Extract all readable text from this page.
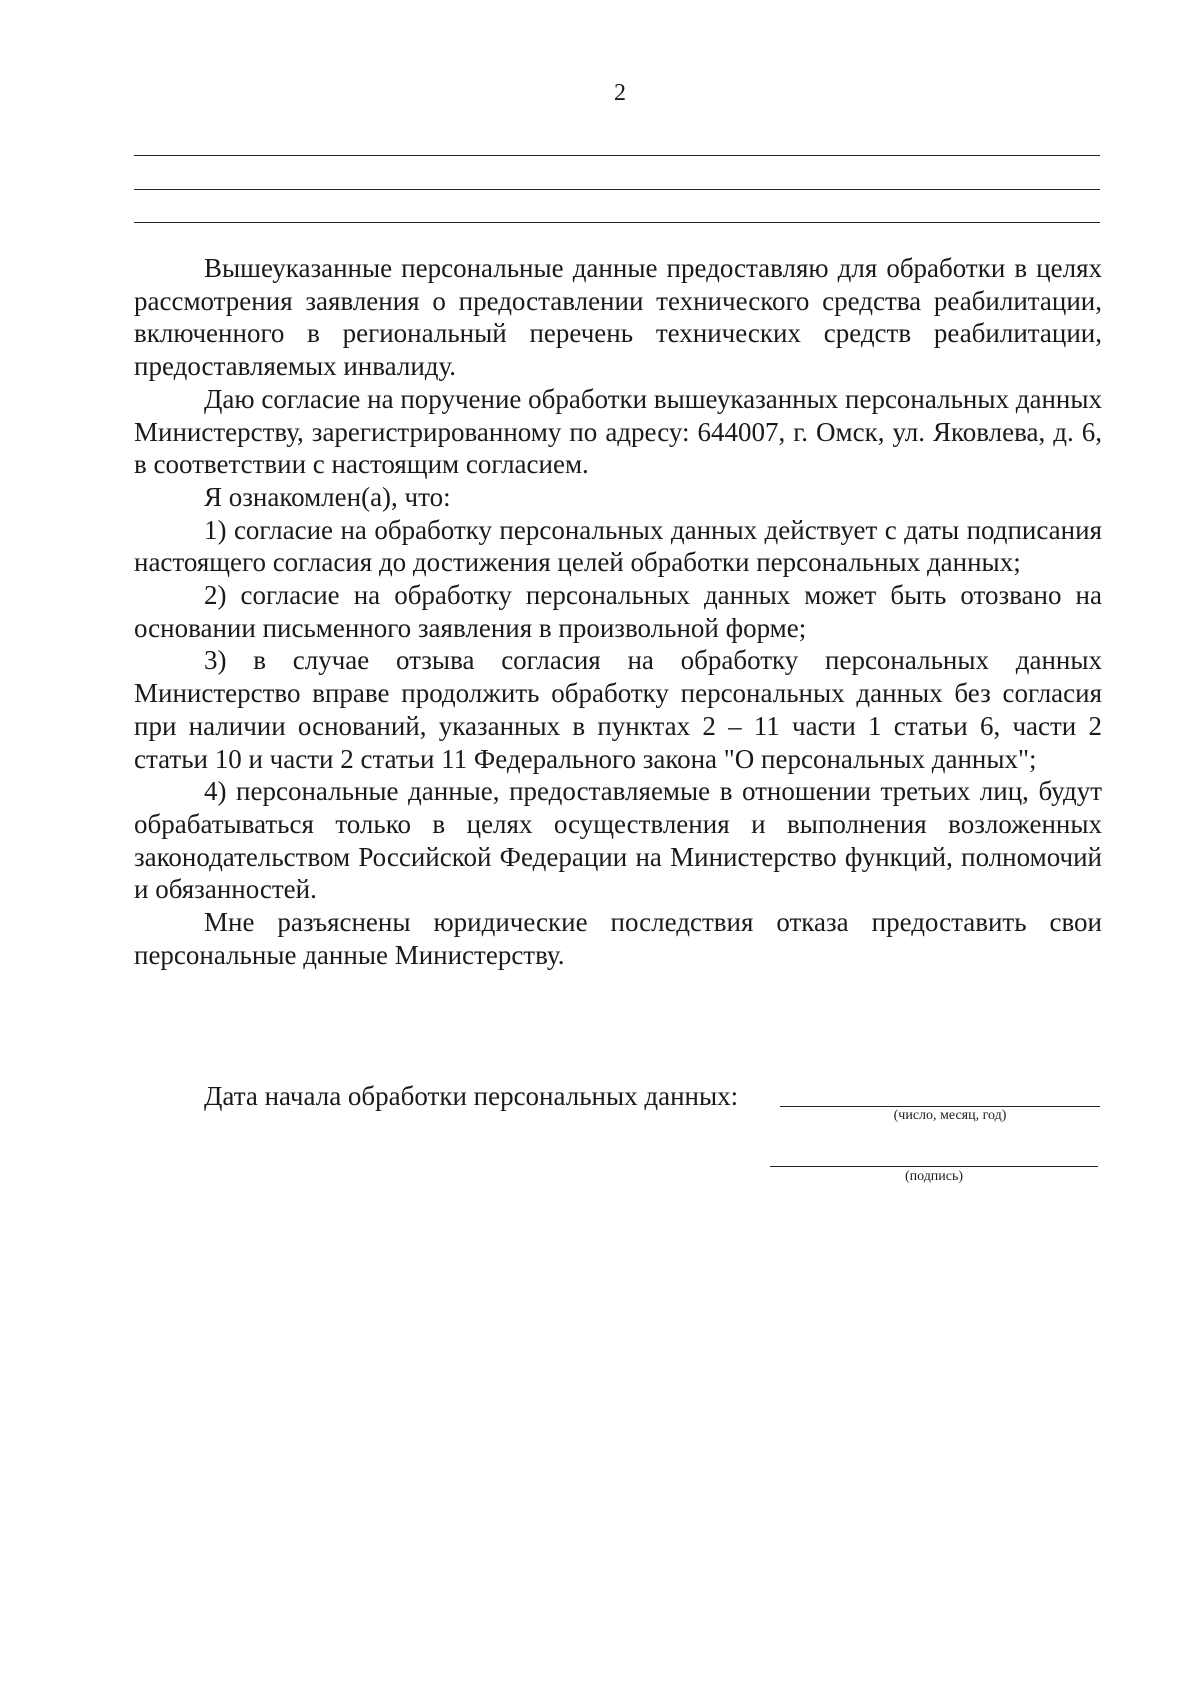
2

Вышеуказанные персональные данные предоставляю для обработки в целях рассмотрения заявления о предоставлении технического средства реабилитации, включенного в региональный перечень технических средств реабилитации, предоставляемых инвалиду.

Даю согласие на поручение обработки вышеуказанных персональных данных Министерству, зарегистрированному по адресу: 644007, г. Омск, ул. Яковлева, д. 6, в соответствии с настоящим согласием.

Я ознакомлен(а), что:

1) согласие на обработку персональных данных действует с даты подписания настоящего согласия до достижения целей обработки персональных данных;

2) согласие на обработку персональных данных может быть отозвано на основании письменного заявления в произвольной форме;

3) в случае отзыва согласия на обработку персональных данных Министерство вправе продолжить обработку персональных данных без согласия при наличии оснований, указанных в пунктах 2 – 11 части 1 статьи 6, части 2 статьи 10 и части 2 статьи 11 Федерального закона "О персональных данных";

4) персональные данные, предоставляемые в отношении третьих лиц, будут обрабатываться только в целях осуществления и выполнения возложенных законодательством Российской Федерации на Министерство функций, полномочий и обязанностей.

Мне разъяснены юридические последствия отказа предоставить свои персональные данные Министерству.

Дата начала обработки персональных данных:
(число, месяц, год)
(подпись)
